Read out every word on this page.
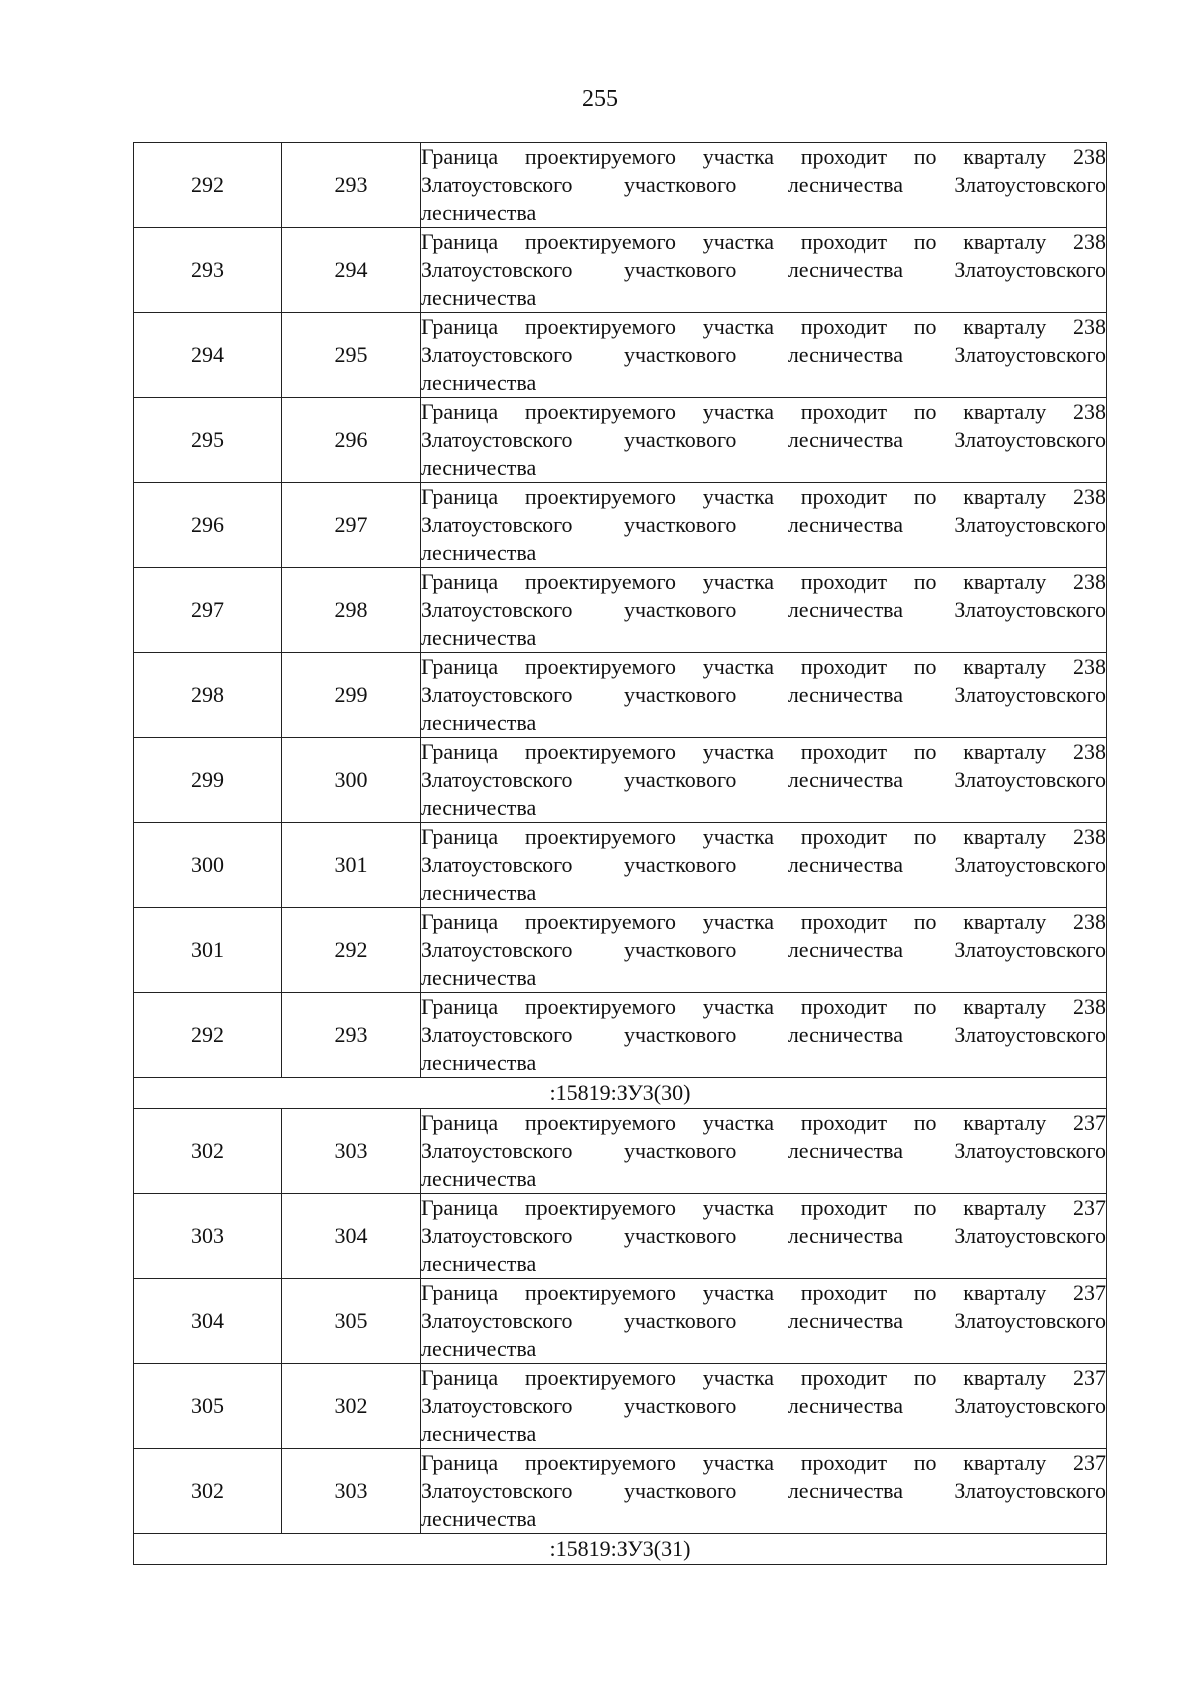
255
292	293	Граница проектируемого участка проходит по кварталу 238
Златоустовского участкового лесничества Златоустовского
лесничества

293	294	Граница проектируемого участка проходит по кварталу 238
Златоустовского участкового лесничества Златоустовского
лесничества

294	295	Граница проектируемого участка проходит по кварталу 238
Златоустовского участкового лесничества Златоустовского
лесничества

295	296	Граница проектируемого участка проходит по кварталу 238
Златоустовского участкового лесничества Златоустовского
лесничества

296	297	Граница проектируемого участка проходит по кварталу 238
Златоустовского участкового лесничества Златоустовского
лесничества

297	298	Граница проектируемого участка проходит по кварталу 238
Златоустовского участкового лесничества Златоустовского
лесничества

298	299	Граница проектируемого участка проходит по кварталу 238
Златоустовского участкового лесничества Златоустовского
лесничества

299	300	Граница проектируемого участка проходит по кварталу 238
Златоустовского участкового лесничества Златоустовского
лесничества

300	301	Граница проектируемого участка проходит по кварталу 238
Златоустовского участкового лесничества Златоустовского
лесничества

301	292	Граница проектируемого участка проходит по кварталу 238
Златоустовского участкового лесничества Златоустовского
лесничества

292	293	Граница проектируемого участка проходит по кварталу 238
Златоустовского участкового лесничества Златоустовского
лесничества

:15819:ЗУ3(30)		
302	303	Граница проектируемого участка проходит по кварталу 237
Златоустовского участкового лесничества Златоустовского
лесничества

303	304	Граница проектируемого участка проходит по кварталу 237
Златоустовского участкового лесничества Златоустовского
лесничества

304	305	Граница проектируемого участка проходит по кварталу 237
Златоустовского участкового лесничества Златоустовского
лесничества

305	302	Граница проектируемого участка проходит по кварталу 237
Златоустовского участкового лесничества Златоустовского
лесничества

302	303	Граница проектируемого участка проходит по кварталу 237
Златоустовского участкового лесничества Златоустовского
лесничества

:15819:ЗУ3(31)		
